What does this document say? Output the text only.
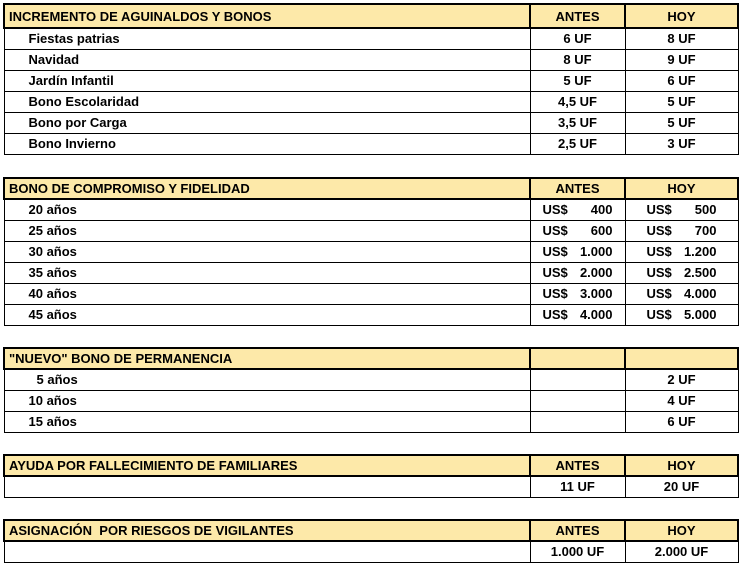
INCREMENTO DE AGUINALDOS Y BONOS	ANTES	HOY
Fiestas patrias	6 UF	8 UF
Navidad	8 UF	9 UF
Jardín Infantil	5 UF	6 UF
Bono Escolaridad	4,5 UF	5 UF
Bono por Carga	3,5 UF	5 UF
Bono Invierno	2,5 UF	3 UF
BONO DE COMPROMISO Y FIDELIDAD	ANTES	HOY
20 años	US$ 400	US$ 500

25 años	US$ 600	US$ 700

30 años	US$ 1.000	US$ 1.200

35 años	US$ 2.000	US$ 2.500

40 años	US$ 3.000	US$ 4.000

45 años	US$ 4.000	US$ 5.000

"NUEVO" BONO DE PERMANENCIA		
5 años		2 UF
10 años		4 UF
15 años		6 UF
AYUDA POR FALLECIMIENTO DE FAMILIARES	ANTES	HOY
	11 UF	20 UF
ASIGNACIÓN  POR RIESGOS DE VIGILANTES	ANTES	HOY
	1.000 UF	2.000 UF
